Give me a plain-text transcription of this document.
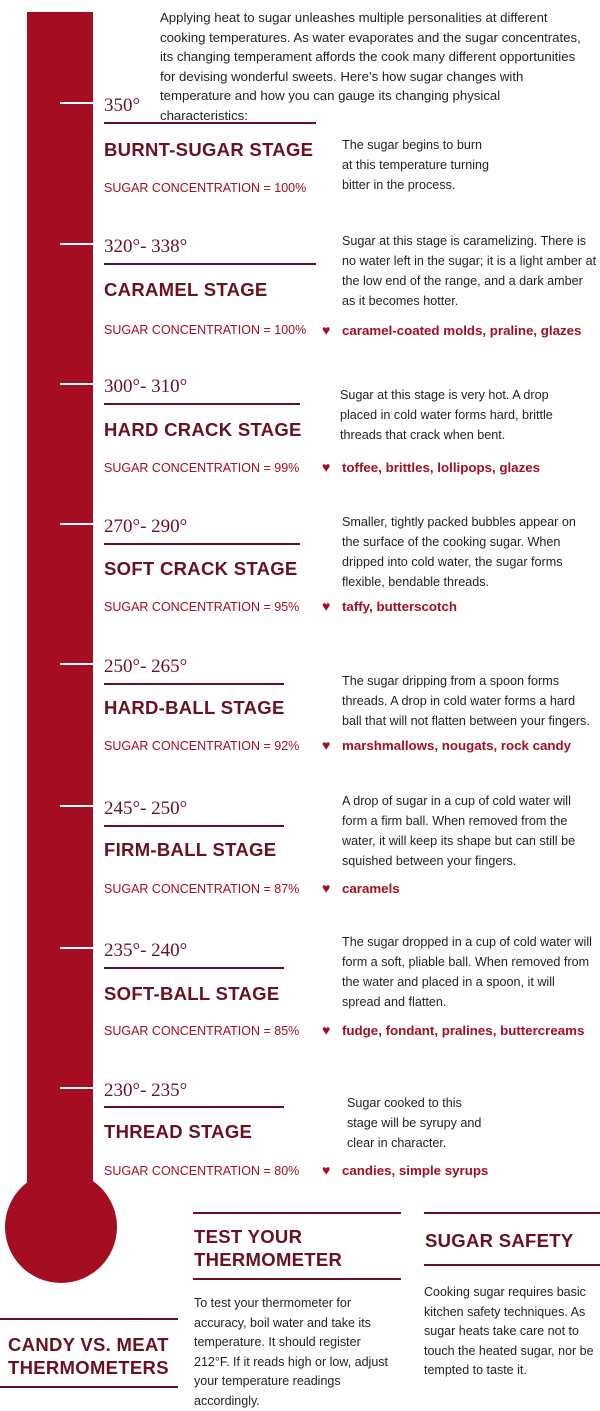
Applying heat to sugar unleashes multiple personalities at different cooking temperatures. As water evaporates and the sugar concentrates, its changing temperament affords the cook many different opportunities for devising wonderful sweets. Here’s how sugar changes with temperature and how you can gauge its changing physical characteristics:
350°
BURNT-SUGAR STAGE
SUGAR CONCENTRATION = 100%
The sugar begins to burn at this temperature turning bitter in the process.
320°- 338°
CARAMEL STAGE
SUGAR CONCENTRATION = 100%
Sugar at this stage is caramelizing. There is no water left in the sugar; it is a light amber at the low end of the range, and a dark amber as it becomes hotter.
♥ caramel-coated molds, praline, glazes
300°- 310°
HARD CRACK STAGE
SUGAR CONCENTRATION = 99%
Sugar at this stage is very hot. A drop placed in cold water forms hard, brittle threads that crack when bent.
♥ toffee, brittles, lollipops, glazes
270°- 290°
SOFT CRACK STAGE
SUGAR CONCENTRATION = 95%
Smaller, tightly packed bubbles appear on the surface of the cooking sugar. When dripped into cold water, the sugar forms flexible, bendable threads.
♥ taffy, butterscotch
250°- 265°
HARD-BALL STAGE
SUGAR CONCENTRATION = 92%
The sugar dripping from a spoon forms threads. A drop in cold water forms a hard ball that will not flatten between your fingers.
♥ marshmallows, nougats, rock candy
245°- 250°
FIRM-BALL STAGE
SUGAR CONCENTRATION = 87%
A drop of sugar in a cup of cold water will form a firm ball. When removed from the water, it will keep its shape but can still be squished between your fingers.
♥ caramels
235°- 240°
SOFT-BALL STAGE
SUGAR CONCENTRATION = 85%
The sugar dropped in a cup of cold water will form a soft, pliable ball. When removed from the water and placed in a spoon, it will spread and flatten.
♥ fudge, fondant, pralines, buttercreams
230°- 235°
THREAD STAGE
SUGAR CONCENTRATION = 80%
Sugar cooked to this stage will be syrupy and clear in character.
♥ candies, simple syrups
CANDY VS. MEAT THERMOMETERS
TEST YOUR THERMOMETER
To test your thermometer for accuracy, boil water and take its temperature. It should register 212°F. If it reads high or low, adjust your temperature readings accordingly.
SUGAR SAFETY
Cooking sugar requires basic kitchen safety techniques. As sugar heats take care not to touch the heated sugar, nor be tempted to taste it.
